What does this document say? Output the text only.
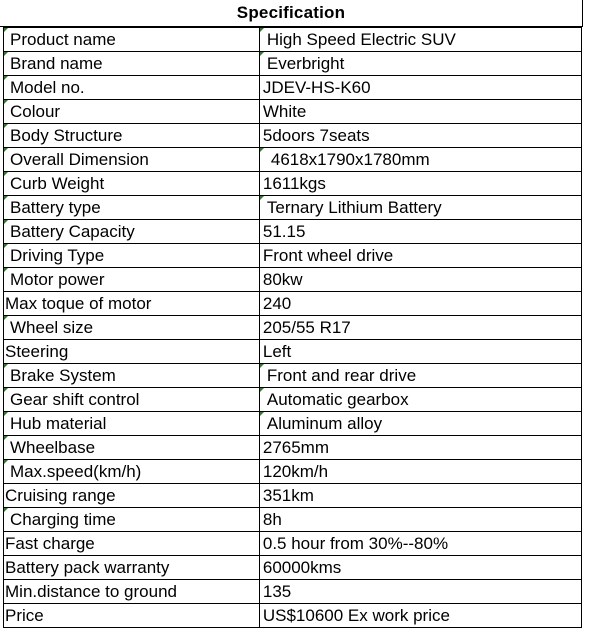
Specification
Product name	High Speed Electric SUV

Brand name	Everbright

Model no.	JDEV-HS-K60

Colour	White

Body Structure	5doors 7seats

Overall Dimension	4618x1790x1780mm

Curb Weight	1611kgs

Battery type	Ternary Lithium Battery

Battery Capacity	51.15

Driving Type	Front wheel drive

Motor power	80kw
Max toque of motor	240

Wheel size	205/55 R17
Steering	Left

Brake System	Front and rear drive

Gear shift control	Automatic gearbox

Hub material	Aluminum alloy

Wheelbase	2765mm

Max.speed(km/h)	120km/h
Cruising range	351km

Charging time	8h
Fast charge	0.5 hour from 30%--80%
Battery pack warranty	60000kms
Min.distance to ground	135
Price	US$10600 Ex work price
